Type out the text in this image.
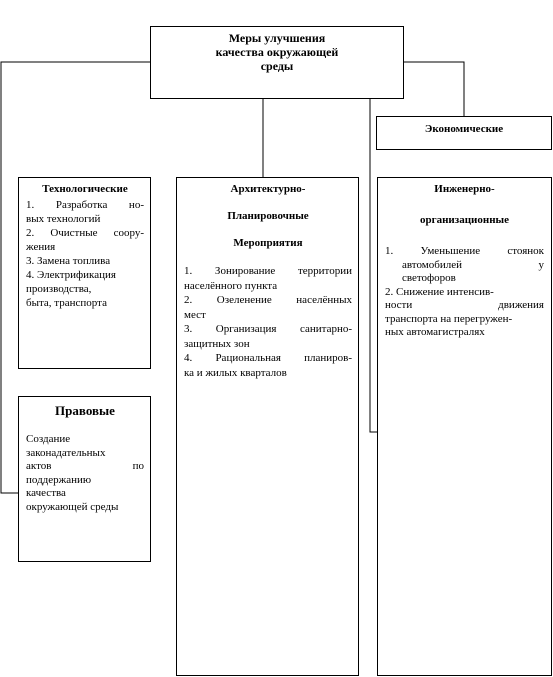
Меры улучшения
качества окружающей
среды
Экономические
Технологические

1. Разработка но-

вых технологий

2. Очистные соору-

жения

3. Замена топлива

4. Электрификация

производства,

быта, транспорта

Правовые

Создание

законадательных

актов по

поддержанию

качества

окружающей среды

Архитектурно-
Планировочные
Мероприятия

1. Зонирование территории

населённого пункта

2. Озеленение населённых

мест

3. Организация санитарно-

защитных зон

4. Рациональная планиров-

ка и жилых кварталов

Инженерно-
организационные

1. Уменьшение стоянок

автомобилей у

светофоров

2. Снижение интенсив-

ности движения

транспорта на перегружен-

ных автомагистралях
